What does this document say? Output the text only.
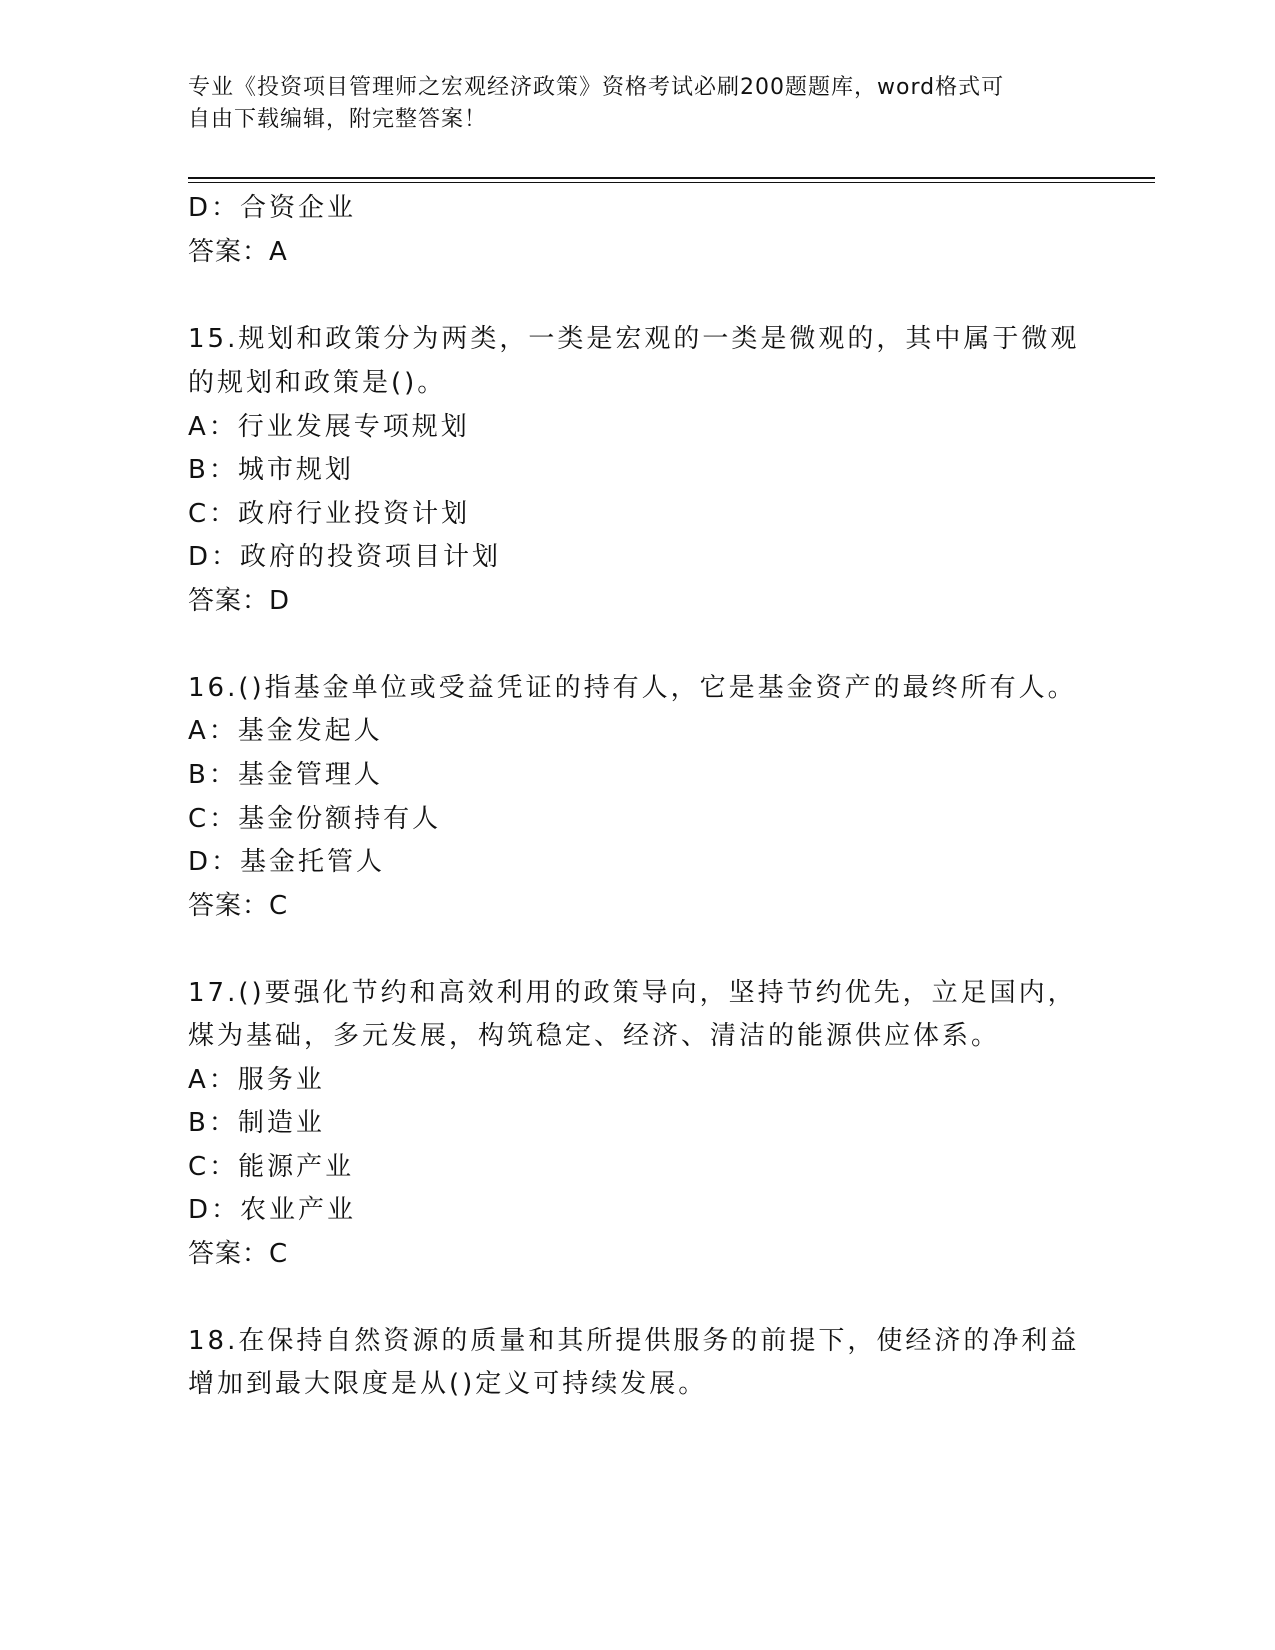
专业《投资项目管理师之宏观经济政策》资格考试必刷200题题库，word格式可
自由下载编辑，附完整答案！
D：合资企业
答案：A
15.规划和政策分为两类，一类是宏观的一类是微观的，其中属于微观
的规划和政策是()。
A：行业发展专项规划
B：城市规划
C：政府行业投资计划
D：政府的投资项目计划
答案：D
16.()指基金单位或受益凭证的持有人，它是基金资产的最终所有人。
A：基金发起人
B：基金管理人
C：基金份额持有人
D：基金托管人
答案：C
17.()要强化节约和高效利用的政策导向，坚持节约优先，立足国内，
煤为基础，多元发展，构筑稳定、经济、清洁的能源供应体系。
A：服务业
B：制造业
C：能源产业
D：农业产业
答案：C
18.在保持自然资源的质量和其所提供服务的前提下，使经济的净利益
增加到最大限度是从()定义可持续发展。
